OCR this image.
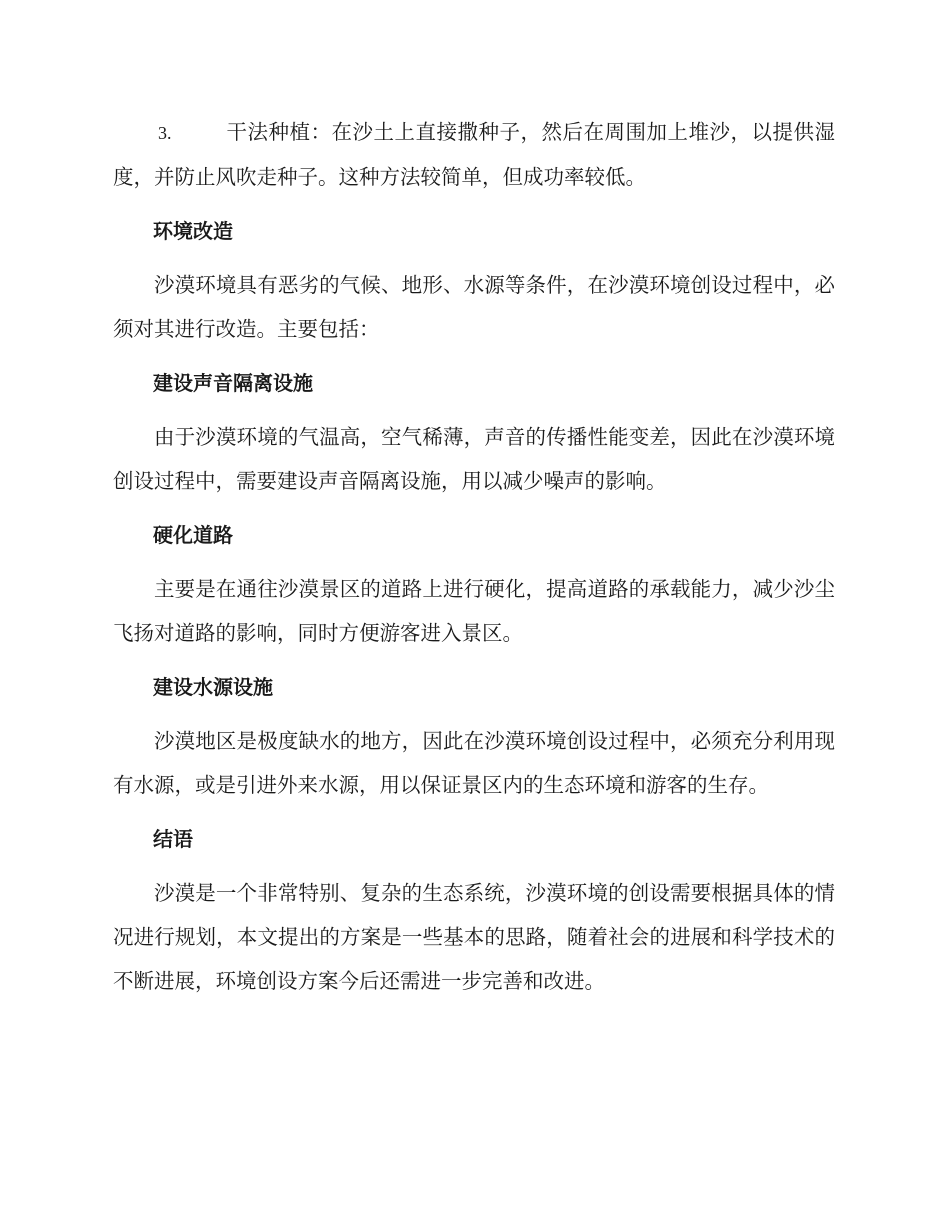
3.	干法种植：在沙土上直接撒种子，然后在周围加上堆沙，以提供湿度，并防止风吹走种子。这种方法较简单，但成功率较低。

环境改造

沙漠环境具有恶劣的气候、地形、水源等条件，在沙漠环境创设过程中，必须对其进行改造。主要包括：

建设声音隔离设施

由于沙漠环境的气温高，空气稀薄，声音的传播性能变差，因此在沙漠环境创设过程中，需要建设声音隔离设施，用以减少噪声的影响。

硬化道路

主要是在通往沙漠景区的道路上进行硬化，提高道路的承载能力，减少沙尘飞扬对道路的影响，同时方便游客进入景区。

建设水源设施

沙漠地区是极度缺水的地方，因此在沙漠环境创设过程中，必须充分利用现有水源，或是引进外来水源，用以保证景区内的生态环境和游客的生存。

结语

沙漠是一个非常特别、复杂的生态系统，沙漠环境的创设需要根据具体的情况进行规划，本文提出的方案是一些基本的思路，随着社会的进展和科学技术的不断进展，环境创设方案今后还需进一步完善和改进。
